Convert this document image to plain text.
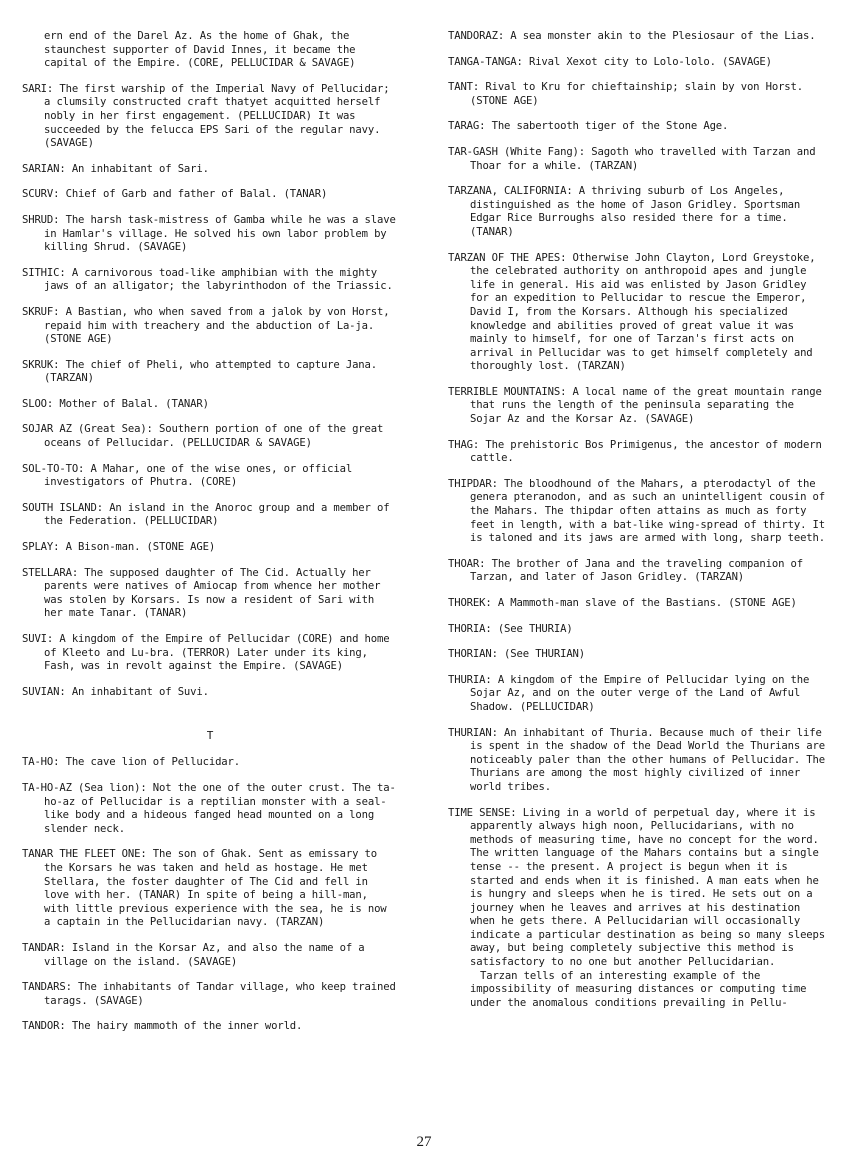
ern end of the Darel Az. As the home of Ghak, the staunchest supporter of David Innes, it became the capital of the Empire. (CORE, PELLUCIDAR & SAVAGE)

SARI: The first warship of the Imperial Navy of Pellucidar; a clumsily constructed craft thatyet acquitted herself nobly in her first engagement. (PELLUCIDAR) It was succeeded by the felucca EPS Sari of the regular navy. (SAVAGE)

SARIAN: An inhabitant of Sari.

SCURV: Chief of Garb and father of Balal. (TANAR)

SHRUD: The harsh task-mistress of Gamba while he was a slave in Hamlar's village. He solved his own labor problem by killing Shrud. (SAVAGE)

SITHIC: A carnivorous toad-like amphibian with the mighty jaws of an alligator; the labyrinthodon of the Triassic.

SKRUF: A Bastian, who when saved from a jalok by von Horst, repaid him with treachery and the abduction of La-ja. (STONE AGE)

SKRUK: The chief of Pheli, who attempted to capture Jana. (TARZAN)

SLOO: Mother of Balal. (TANAR)

SOJAR AZ (Great Sea): Southern portion of one of the great oceans of Pellucidar. (PELLUCIDAR & SAVAGE)

SOL-TO-TO: A Mahar, one of the wise ones, or official investigators of Phutra. (CORE)

SOUTH ISLAND: An island in the Anoroc group and a member of the Federation. (PELLUCIDAR)

SPLAY: A Bison-man. (STONE AGE)

STELLARA: The supposed daughter of The Cid. Actually her parents were natives of Amiocap from whence her mother was stolen by Korsars. Is now a resident of Sari with her mate Tanar. (TANAR)

SUVI: A kingdom of the Empire of Pellucidar (CORE) and home of Kleeto and Lu-bra. (TERROR) Later under its king, Fash, was in revolt against the Empire. (SAVAGE)

SUVIAN: An inhabitant of Suvi.

T

TA-HO: The cave lion of Pellucidar.

TA-HO-AZ (Sea lion): Not the one of the outer crust. The ta-ho-az of Pellucidar is a reptilian monster with a seal-like body and a hideous fanged head mounted on a long slender neck.

TANAR THE FLEET ONE: The son of Ghak. Sent as emissary to the Korsars he was taken and held as hostage. He met Stellara, the foster daughter of The Cid and fell in love with her. (TANAR) In spite of being a hill-man, with little previous experience with the sea, he is now a captain in the Pellucidarian navy. (TARZAN)

TANDAR: Island in the Korsar Az, and also the name of a village on the island. (SAVAGE)

TANDARS: The inhabitants of Tandar village, who keep trained tarags. (SAVAGE)

TANDOR: The hairy mammoth of the inner world.

TANDORAZ: A sea monster akin to the Plesiosaur of the Lias.

TANGA-TANGA: Rival Xexot city to Lolo-lolo. (SAVAGE)

TANT: Rival to Kru for chieftainship; slain by von Horst. (STONE AGE)

TARAG: The sabertooth tiger of the Stone Age.

TAR-GASH (White Fang): Sagoth who travelled with Tarzan and Thoar for a while. (TARZAN)

TARZANA, CALIFORNIA: A thriving suburb of Los Angeles, distinguished as the home of Jason Gridley. Sportsman Edgar Rice Burroughs also resided there for a time. (TANAR)

TARZAN OF THE APES: Otherwise John Clayton, Lord Greystoke, the celebrated authority on anthropoid apes and jungle life in general. His aid was enlisted by Jason Gridley for an expedition to Pellucidar to rescue the Emperor, David I, from the Korsars. Although his specialized knowledge and abilities proved of great value it was mainly to himself, for one of Tarzan's first acts on arrival in Pellucidar was to get himself completely and thoroughly lost. (TARZAN)

TERRIBLE MOUNTAINS: A local name of the great mountain range that runs the length of the peninsula separating the Sojar Az and the Korsar Az. (SAVAGE)

THAG: The prehistoric Bos Primigenus, the ancestor of modern cattle.

THIPDAR: The bloodhound of the Mahars, a pterodactyl of the genera pteranodon, and as such an unintelligent cousin of the Mahars. The thipdar often attains as much as forty feet in length, with a bat-like wing-spread of thirty. It is taloned and its jaws are armed with long, sharp teeth.

THOAR: The brother of Jana and the traveling companion of Tarzan, and later of Jason Gridley. (TARZAN)

THOREK: A Mammoth-man slave of the Bastians. (STONE AGE)

THORIA: (See THURIA)

THORIAN: (See THURIAN)

THURIA: A kingdom of the Empire of Pellucidar lying on the Sojar Az, and on the outer verge of the Land of Awful Shadow. (PELLUCIDAR)

THURIAN: An inhabitant of Thuria. Because much of their life is spent in the shadow of the Dead World the Thurians are noticeably paler than the other humans of Pellucidar. The Thurians are among the most highly civilized of inner world tribes.

TIME SENSE: Living in a world of perpetual day, where it is apparently always high noon, Pellucidarians, with no methods of measuring time, have no concept for the word. The written language of the Mahars contains but a single tense -- the present. A project is begun when it is started and ends when it is finished. A man eats when he is hungry and sleeps when he is tired. He sets out on a journey when he leaves and arrives at his destination when he gets there. A Pellucidarian will occasionally indicate a particular destination as being so many sleeps away, but being completely subjective this method is satisfactory to no one but another Pellucidarian.

Tarzan tells of an interesting example of the impossibility of measuring distances or computing time under the anomalous conditions prevailing in Pellu-

27
